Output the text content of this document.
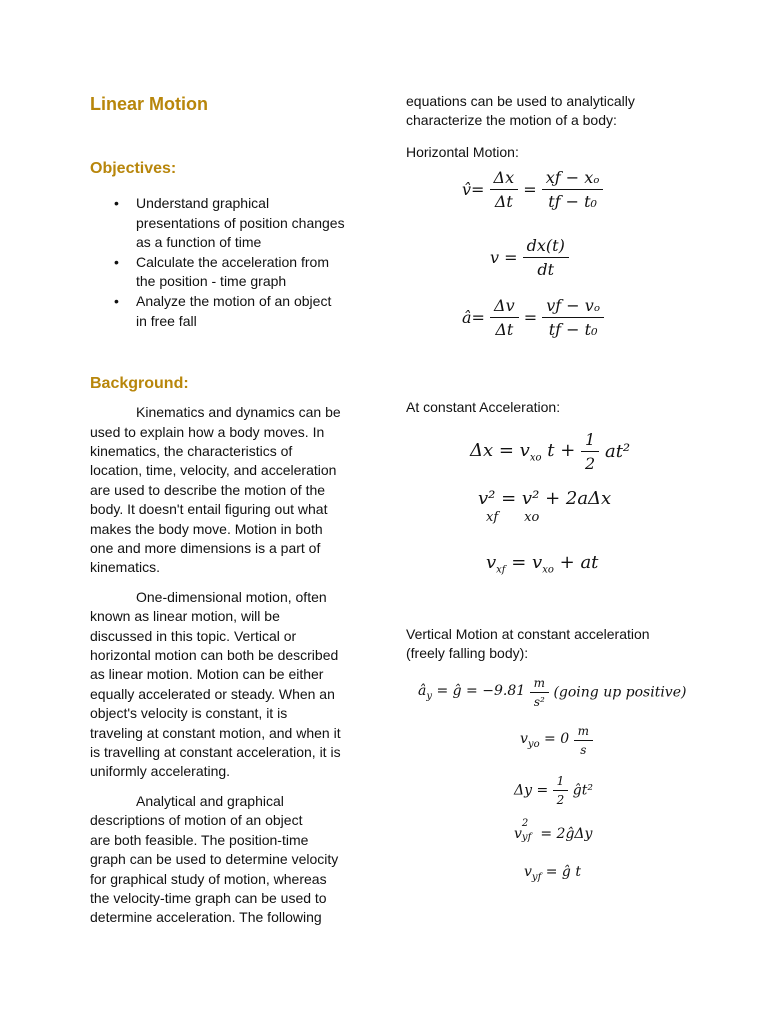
Linear Motion
Objectives:
• Understand graphical
presentations of position changes
as a function of time
• Calculate the acceleration from
the position - time graph
• Analyze the motion of an object
in free fall
Background:

Kinematics and dynamics can be
used to explain how a body moves. In
kinematics, the characteristics of
location, time, velocity, and acceleration
are used to describe the motion of the
body. It doesn't entail figuring out what
makes the body move. Motion in both
one and more dimensions is a part of
kinematics.

One-dimensional motion, often
known as linear motion, will be
discussed in this topic. Vertical or
horizontal motion can both be described
as linear motion. Motion can be either
equally accelerated or steady. When an
object's velocity is constant, it is
traveling at constant motion, and when it
is travelling at constant acceleration, it is
uniformly accelerating.

Analytical and graphical
descriptions of motion of an object
are both feasible. The position-time
graph can be used to determine velocity
for graphical study of motion, whereas
the velocity-time graph can be used to
determine acceleration. The following

equations can be used to analytically
characterize the motion of a body:

Horizontal Motion:

v̂= $\frac{\Delta x}{\Delta t} = \frac{\text{xƒ − xₒ}}{\text{tƒ − t₀}}$
$v = \frac{dx(t)}{dt}$
â= $\frac{\Delta v}{\Delta t} = \frac{\text{vƒ − vₒ}}{\text{tƒ − t₀}}$

At constant Acceleration:

$\Delta x = v_{xo}$ $t + \frac{1}{2} at^2$
v² = v² + 2aΔx
xf xo
$v_{xf} = v_{xo}$ + at

Vertical Motion at constant acceleration
(freely falling body):

$â_y$ = ĝ = $-9.81 \frac{m}{\text{s²}}$ (going up positive)
$v_{yo} = 0 \frac{m}{s}$
$\Delta y = \frac{1}{2}$ ĝt²
v
2
yf = 2ĝΔy
$v_{yf}$ = ĝ t
